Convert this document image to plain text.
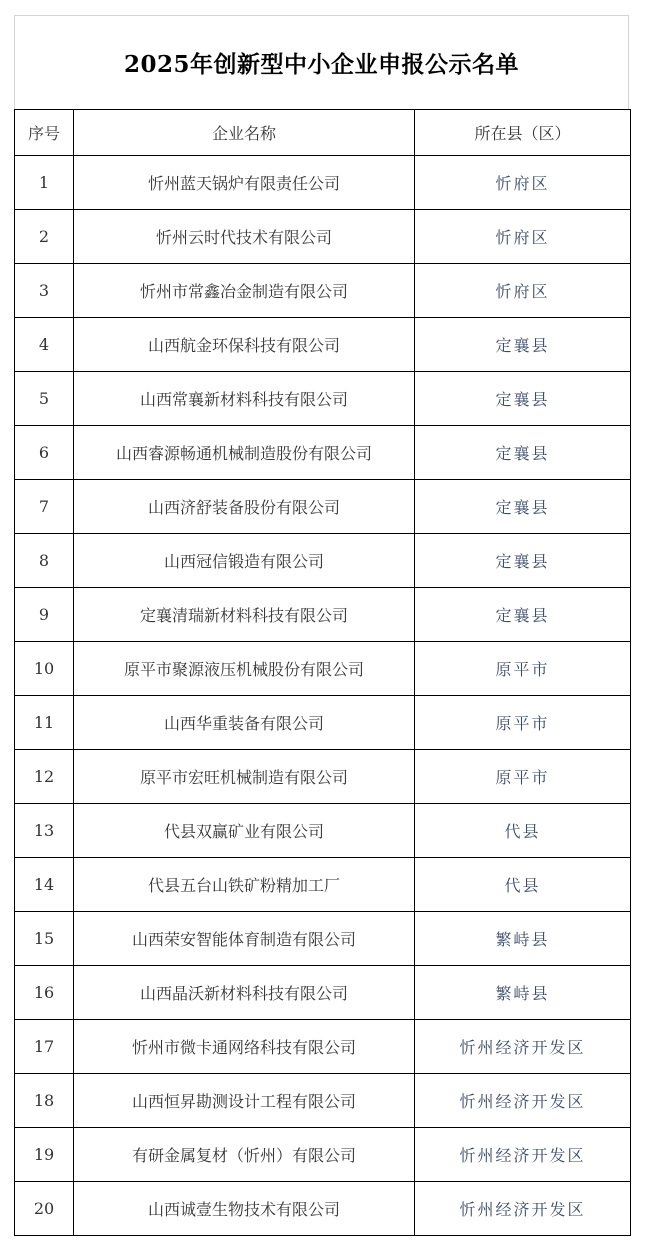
2025年创新型中小企业申报公示名单
序号	企业名称	所在县（区）
1	忻州蓝天锅炉有限责任公司	忻府区
2	忻州云时代技术有限公司	忻府区
3	忻州市常鑫冶金制造有限公司	忻府区
4	山西航金环保科技有限公司	定襄县
5	山西常襄新材料科技有限公司	定襄县
6	山西睿源畅通机械制造股份有限公司	定襄县
7	山西济舒装备股份有限公司	定襄县
8	山西冠信锻造有限公司	定襄县
9	定襄清瑞新材料科技有限公司	定襄县
10	原平市聚源液压机械股份有限公司	原平市
11	山西华重装备有限公司	原平市
12	原平市宏旺机械制造有限公司	原平市
13	代县双赢矿业有限公司	代县
14	代县五台山铁矿粉精加工厂	代县
15	山西荣安智能体育制造有限公司	繁峙县
16	山西晶沃新材料科技有限公司	繁峙县
17	忻州市微卡通网络科技有限公司	忻州经济开发区
18	山西恒昇勘测设计工程有限公司	忻州经济开发区
19	有研金属复材（忻州）有限公司	忻州经济开发区
20	山西诚壹生物技术有限公司	忻州经济开发区
